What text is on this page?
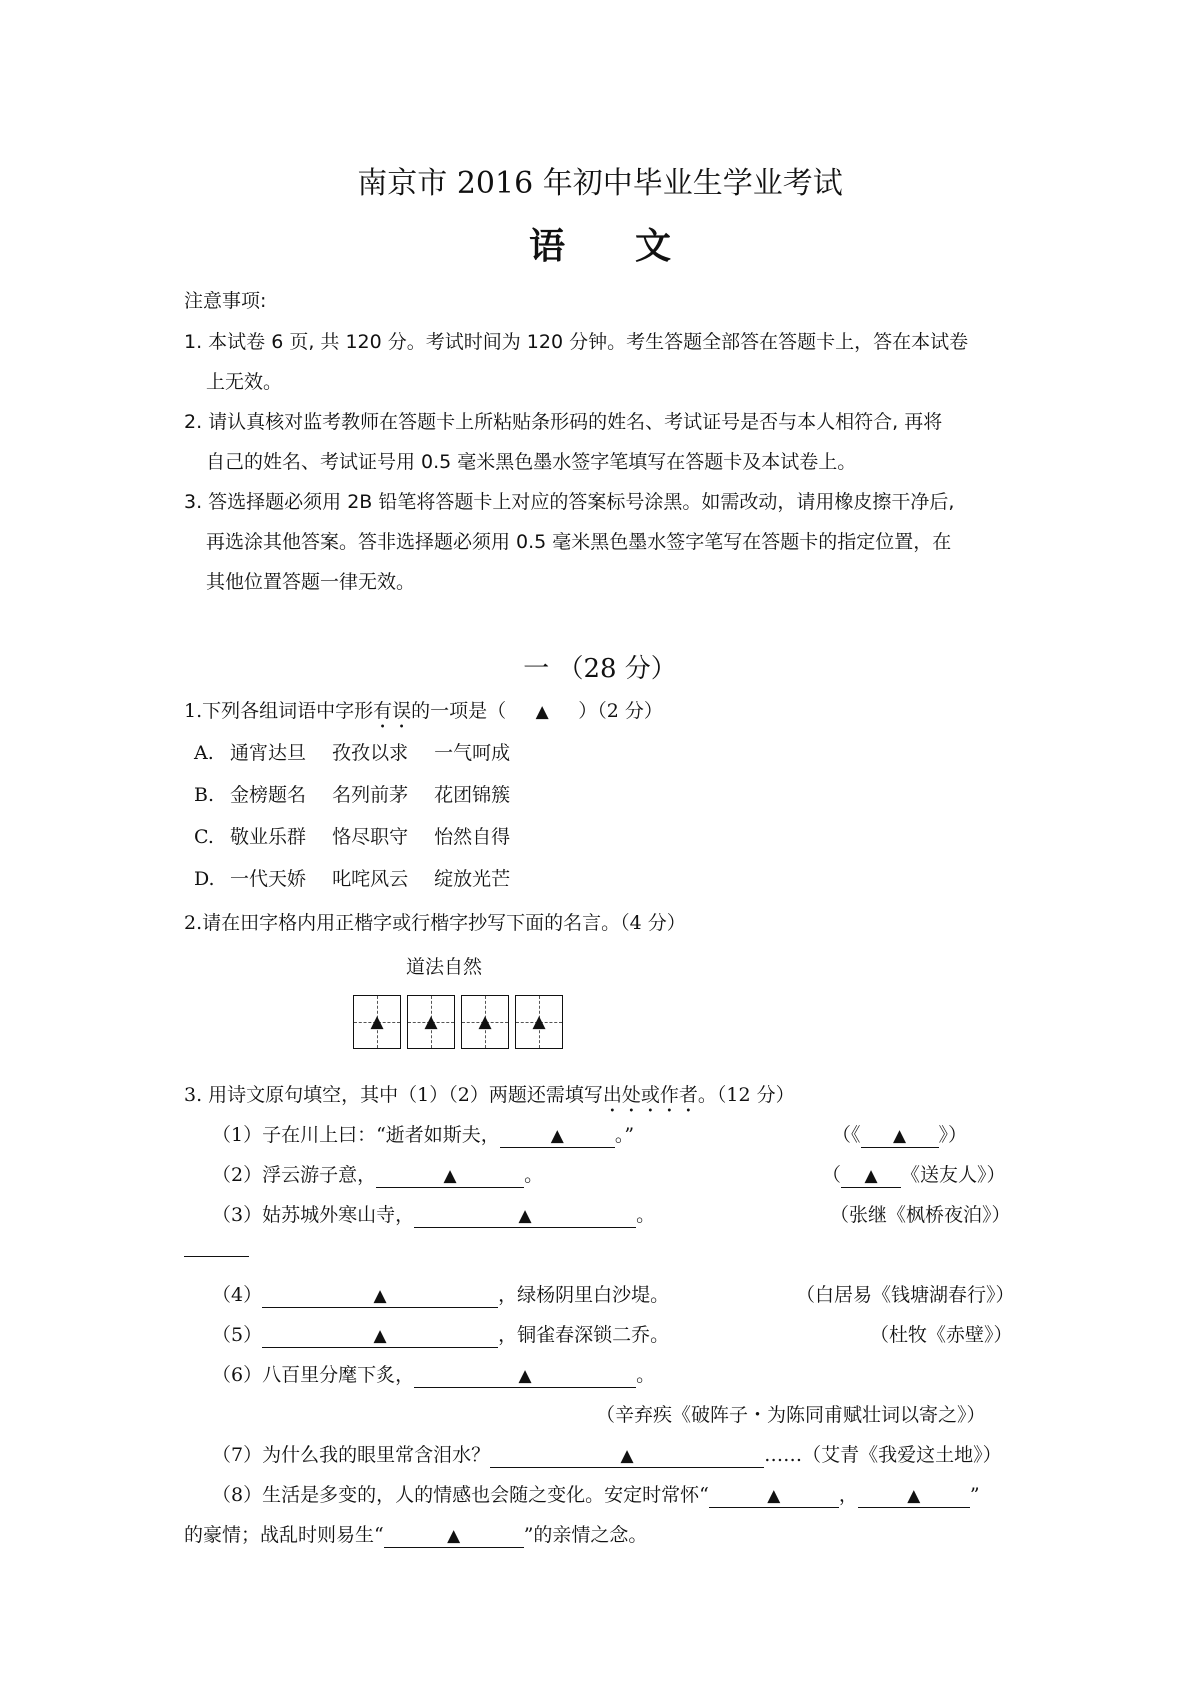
南京市 2016 年初中毕业生学业考试
语文
注意事项:
1. 本试卷 6 页, 共 120 分。考试时间为 120 分钟。考生答题全部答在答题卡上，答在本试卷
上无效。
2. 请认真核对监考教师在答题卡上所粘贴条形码的姓名、考试证号是否与本人相符合, 再将
自己的姓名、考试证号用 0.5 毫米黑色墨水签字笔填写在答题卡及本试卷上。
3. 答选择题必须用 2B 铅笔将答题卡上对应的答案标号涂黑。如需改动，请用橡皮擦干净后,
再选涂其他答案。答非选择题必须用 0.5 毫米黑色墨水签字笔写在答题卡的指定位置，在
其他位置答题一律无效。
一 （28 分）
1.下列各组词语中字形有误的一项是（ ▲ ）（2 分）
A. 通宵达旦 孜孜以求 一气呵成
B. 金榜题名 名列前茅 花团锦簇
C. 敬业乐群 恪尽职守 怡然自得
D. 一代天娇 叱咤风云 绽放光芒
2.请在田字格内用正楷字或行楷字抄写下面的名言。（4 分）
道法自然
▲ ▲ ▲ ▲
3. 用诗文原句填空，其中（1）（2）两题还需填写出处或作者。（12 分）
（1）子在川上曰：“逝者如斯夫，	▲	。”	（《 ▲ 》）
（2）浮云游子意，	▲	。	（ ▲ 《送友人》）
（3）姑苏城外寒山寺，	▲	。	（张继《枫桥夜泊》）
（4）	▲	，绿杨阴里白沙堤。	（白居易《钱塘湖春行》）
（5）	▲	，铜雀春深锁二乔。	（杜牧《赤壁》）
（6）八百里分麾下炙，	▲	。
（辛弃疾《破阵子・为陈同甫赋壮词以寄之》）
（7）为什么我的眼里常含泪水？	▲	……（艾青《我爱这土地》）
（8）生活是多变的，人的情感也会随之变化。安定时常怀“	▲	，	▲	”
的豪情；战乱时则易生“	▲	”的亲情之念。
